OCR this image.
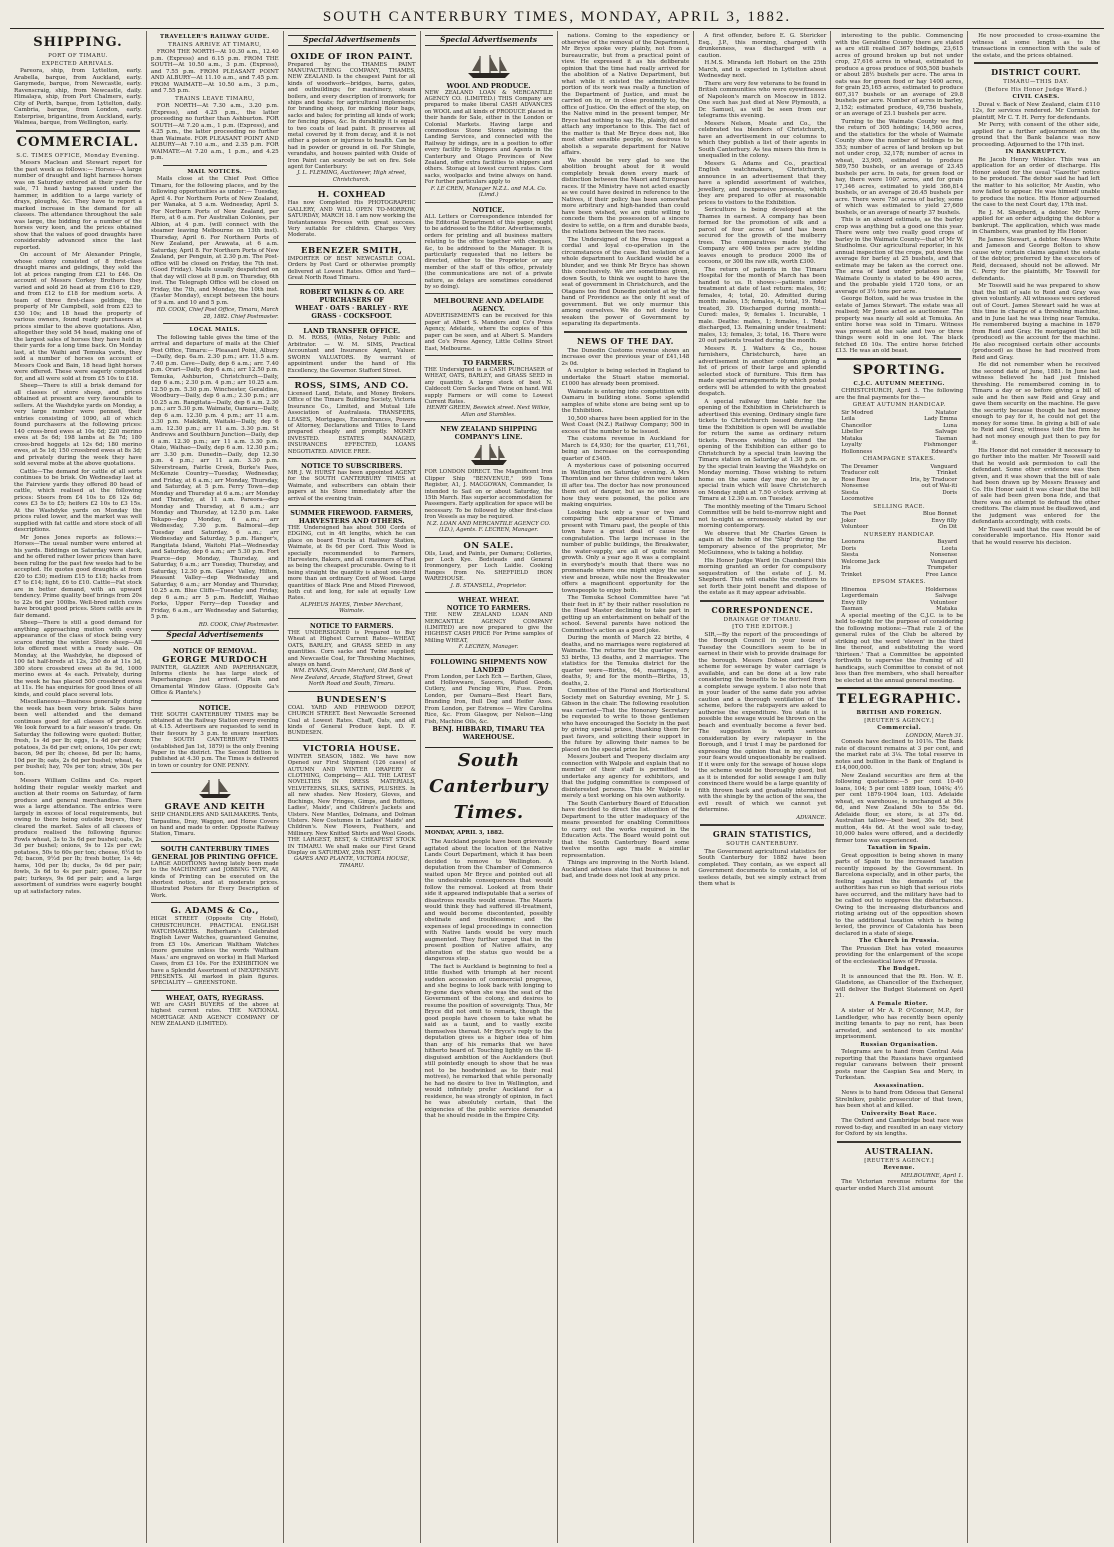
SOUTH CANTERBURY TIMES, MONDAY, APRIL 3, 1882.
SHIPPING.
PORT OF TIMARU.
EXPECTED ARRIVALS.

Pareora, ship, from Lyttelton, early. Arabella, barque, from Auckland, early. Ganymede, barque, from Newcastle, early. Ravenscraig, ship, from Newcastle, daily. Himalaya, ship, from Port Chalmers, early. City of Perth, barque, from Lyttelton, daily. Cambria, barque, from London, early. Enterprise, brigantine, from Auckland, early. Walmea, barque, from Wellington, early.

COMMERCIAL.
S.C. TIMES OFFICE, Monday Evening.

Messrs Maclean and Stewart report for the past week as follows:— Horses—A large number of draught and light harness horses was on Saturday entered at their yards for sale, 71 head having passed under the hammer, in addition to a large variety of drays, ploughs, &c. They have to report a marked increase in the demand for all classes. The attendance throughout the sale was large, the bidding for a number of the horses very keen, and the prices obtained show that the values of good draughts have considerably advanced since the last reported.

On account of Mr Alexander Pringle, whose colony consisted of 8 first-class draught mares and geldings, they sold the lot at prices ranging from £21 to £46. On account of Messrs Corkey Brothers they varied and sold 26 head at from £16 to £29, and from £12 to £18 for medium sorts. A team of three first-class geldings, the property of Mr Campbell, sold from £23 to £30 10s; and 18 head the property of various owners, found ready purchasers at prices similar to the above quotations. Also, altogether they sold 54 head, making one of the largest sales of horses they have held in their yards for a long time back. On Monday last, at the Waihi and Temuka yards, they sold a number of horses on account of Messrs Cook and Bain, 18 head light horses were offered. These were eagerly competed for, and all were sold at from £5 10s to £18.

Sheep—There is still a brisk demand for all classes of store sheep, and prices obtained at present are very favourable to sellers. At the Washdyke yards on Monday, a very large number were penned, their entries consisting of 1090, all of which found purchasers at the following prices: 140 cross-bred ewes at 10s 6d; 220 merino ewes at 5s 6d; 198 lambs at 8s 7d; 180 cross-bred hoggets at 12s 6d; 180 merino ewes, at 5s 1d; 150 crossbred ewes at 8s 3d; and privately during the week they have sold several mobs at the above quotations.

Cattle—The demand for cattle of all sorts continues to be brisk. On Wednesday last at the Fairview yards they offered 80 head of cattle, which realised at the following prices: Steers from £4 10s to £6 12s 6d; cows £3 5s to £5; heifers £2 10s to £3 15s. At the Washdyke yards on Monday the prices ruled lower, and the market was well supplied with fat cattle and store stock of all descriptions.

Mr Jones Jones reports as follows:— Horses—The usual number were entered at his yards. Biddings on Saturday were slack, and he offered rather lower prices than have been ruling for the past few weeks had to be accepted. He quotes good draughts at from £20 to £30; medium £15 to £18; hacks from £7 to £14; light, £6 to £10. Cattle—Fat stock are in better demand, with an upward tendency. Prime quality beef brings from 20s to 22s 6d per 100lbs. Well-bred milch cows have brought good prices. Store cattle are in fair demand.

Sheep—There is still a good demand for anything approaching mutton with every appearance of the class of stock being very scarce during the winter. Store sheep—All lots offered meet with a ready sale. On Monday, at the Washdyke, he disposed of 100 fat half-breds at 12s, 250 do at 11s 3d, 380 store crossbred ewes at 8s 9d, 1000 merino ewes at 4s each. Privately, during the week he has placed 500 crossbred ewes at 11s. He has enquiries for good lines of all kinds, and could place several lots.

Miscellaneous—Business generally during the week has been very brisk. Sales have been well attended and the demand continues good for all classes of property. We look forward to a fair season's trade. On Saturday the following were quoted: Butter, fresh, 1s 4d per lb; eggs, 1s 4d per dozen; potatoes, 3s 6d per cwt; onions, 10s per cwt; bacon, 9d per lb; cheese, 8d per lb; hams, 10d per lb; oats, 2s 6d per bushel; wheat, 4s per bushel; hay, 70s per ton; straw, 30s per ton.

Messrs William Collins and Co. report holding their regular weekly market and auction at their rooms on Saturday, of farm produce and general merchandise. There was a large attendance. The entries were largely in excess of local requirements, but owing to there being outside buyers, they cleared the market. Sales of all classes of produce realised the following figures: Fowls wheat, 3s to 3s 6d per bushel; oats, 2s 3d per bushel; onions, 9s to 12s per cwt; potatoes, 50s to 60s per ton; cheese, 6½d to 7d; bacon, 9½d per lb; fresh butter, 1s 4d; hams, 10d per lb; ducks, 5s 6d per pair; fowls, 3s 6d to 4s per pair; geese, 7s per pair; turkeys, 9s 6d per pair; and a large assortment of sundries were eagerly bought up at satisfactory rates.

TRAVELLER'S RAILWAY GUIDE.
TRAINS ARRIVE AT TIMARU,

FROM THE NORTH—At 10.30 a.m., 12.40 p.m. (Express) and 6.15 p.m. FROM THE SOUTH—At 10.50 a.m., 3 p.m. (Express), and 7.55 p.m. FROM PLEASANT POINT AND ALBURY—At 11.10 a.m., and 7.45 p.m. FROM WAIMATE—At 10.50 a.m., 3 p.m., and 7.55 p.m.

TRAINS LEAVE TIMARU,

FOR NORTH—At 7.30 a.m., 3.20 p.m. (Express), and 4.25 p.m., the latter proceeding no further than Ashburton. FOR SOUTH—At 7.20 a.m., 1 p.m. (Express), and 4.25 p.m., the latter proceeding no further than Waimate. FOR PLEASANT POINT AND ALBURY—At 7.10 a.m., and 2.35 p.m. FOR WAIMATE—At 7.20 a.m., 1 p.m., and 4.25 p.m.

MAIL NOTICES.

Mails close at the Chief Post Office Timaru, for the following places, and by the following opportunities as under:— Tuesday, April 4. For Northern Ports of New Zealand, per Wanaka, at 5 a.m. Wednesday, April 5. For Northern Ports of New Zealand, per Hero, at 6 a.m. For Australian Colonies, per Albion, at 4 p.m. (will connect with the steamer leaving Melbourne on 13th inst). Thursday, April 6. For Northern Ports of New Zealand, per Arawata, at 6 a.m. Saturday, April 8. For Northern Ports of New Zealand, per Penguin, at 2.30 p.m. The Post-office will be closed on Friday, the 7th inst. (Good Friday). Mails usually despatched on that day will close at 8 p.m. on Thursday, 6th inst. The Telegraph Office will be closed on Friday, the 7th, and Monday, the 10th inst. (Easter Monday), except between the hours of 9 a.m. and 10 and 5 p.m.

RD. COOK, Chief Post Office, Timaru, March 28, 1882. Chief Postmaster.
LOCAL MAILS.

The following table gives the time of the arrival and departure of mails at the Chief Post Office, Timaru:— Pleasant Point, Albury—Daily, dep. 6a.m. 2.30 p.m.; arr. 11.5 a.m. 7.40 p.m. Cave—Daily, dep 6 a.m.; arr. 7.40 p.m. Orari—Daily, dep 6 a.m.; arr 12.50 p.m. Temuka, Ashburton, Christchurch—Daily, dep 6 a.m.; 2.30 p.m. 4 p.m.; arr 10.25 a.m. 12.50 p.m. 5.30 p.m. Winchester, Geraldine, Woodbury—Daily, dep 6 a.m.; 2.30 p.m.; arr 10.25 a.m. Rangitata—Daily, dep 6 a.m. 2.30 p.m.; arr 5.30 p.m. Waimate, Oamaru—Daily, dep 6 a.m. 12.30 p.m. 4 p.m.; arr 11 a.m. 3.30 p.m. Makikihi, Waitaki—Daily, dep 6 a.m. 12.30 p.m.; arr 11 a.m. 3.30 p.m. St Andrews and Southburn Junction—Daily, dep 6 a.m. 12.30 p.m.; arr 11 a.m. 3.30 p.m. Otaio, Waihao—Daily, dep 6 a.m. 12.30 p.m.; arr 3.30 p.m. Dunedin—Daily, dep 12.30 p.m. 4 p.m.; arr 11 a.m. 3.30 p.m. Silverstream, Fairlie Creek, Burke's Pass, McKenzie Country—Tuesday, Wednesday, and Friday, at 6 a.m.; arr Monday, Thursday, and Saturday, at 5 p.m. Ferry Town—dep Monday and Thursday at 6 a.m.; arr Monday and Thursday, at 11 a.m. Pareora—dep Monday and Thursday, at 6 a.m.; arr Monday and Thursday, at 12.50 p.m. Lake Tekapo—dep Monday, 6 a.m.; arr Wednesday, 7.30 p.m. Balmoral—dep Tuesday and Saturday, 6 a.m.; arr Wednesday and Saturday, 5 p.m. Hanger's, Rangitata Island, Waitohi Flat—Wednesday and Saturday, dep 6 a.m.; arr 5.30 p.m. Fort Pearce—dep Monday, Thursday, and Saturday, 6 a.m.; arr Tuesday, Thursday, and Saturday, 12.30 p.m. Gapes' Valley, Hilton, Pleasant Valley—dep Wednesday and Saturday, 6 a.m.; arr Monday and Thursday, 10.25 a.m. Blue Cliffs—Tuesday and Friday, dep 6 a.m.; arr 5 p.m. Redcliff, Waihao Forks, Upper Ferry—dep Tuesday and Friday, 6 a.m., arr Wednesday and Saturday, 5 p.m.

RD. COOK, Chief Postmaster.
Special Advertisements
NOTICE OF REMOVAL.
GEORGE MURDOCH
PAINTER, GLAZIER AND PAPERHANGER, Informs clients he has large stock of Paperhangings just arrived. Plain and Ornamental Window Glass. (Opposite Ga's Office & Plante's.)
NOTICE.
THE SOUTH CANTERBURY TIMES may be obtained at the Railway Station every evening at 4.15. Advertisers are requested to send in their favours by 3 p.m. to ensure insertion. The SOUTH CANTERBURY TIMES (established Jan 1st, 1879) is the only Evening Paper in the district. The Second Edition is published at 4.30 p.m. The Times is delivered in town or country for ONE PENNY.
GRAVE AND KEITH
SHIP CHANDLERS AND SAILMAKERS. Tents, Tarpaulins, Dray, Waggon, and Horse Covers on hand and made to order. Opposite Railway Station, Timaru.
SOUTH CANTERBURY TIMES GENERAL JOB PRINTING OFFICE.
LARGE ADDITIONS having lately been made to the MACHINERY and JOBBING TYPE, All kinds of Printing can be executed on the shortest notice, and at moderate prices. Illustrated Posters for Every Description of Work.
G. ADAMS & Co.,
HIGH STREET (Opposite City Hotel), CHRISTCHURCH. PRACTICAL ENGLISH WATCHMAKERS. Rotherham's Celebrated English Lever Watches, guaranteed Genuine, from £5 10s. American Waltham Watches (more genuine unless the words 'Waltham Mass.' are engraved on works) in Hall Marked Cases, from £3 10s. For the EXHIBITION we have a Splendid Assortment of INEXPENSIVE PRESENTS. All marked in plain figures. SPECIALITY — GREENSTONE.
WHEAT, OATS, RYEGRASS.
WE are CASH BUYERS of the above at highest current rates. THE NATIONAL MORTGAGE AND AGENCY COMPANY OF NEW ZEALAND (LIMITED).
Special Advertisements
OXIDE OF IRON PAINT.
Prepared by the THAMES PAINT MANUFACTURING COMPANY, THAMES, NEW ZEALAND. Is the cheapest Paint for all kinds of woodwork—bridges, barns, gates, and outbuildings; for machinery, steam boilers, and every description of ironwork; for ships and boats; for agricultural implements; for branding sheep, for marking flour bags, sacks and bales; for printing all kinds of work; for fencing pipes, &c. In durability it is equal to two coats of lead paint. It preserves all metal covered by it from decay, and it is not either a poison or injurious to health. Can be had in powder or ground in oil. For Shingle, verandahs, and houses painted with Oxide of Iron Paint can scarcely be set on fire. Sole agent for Canterbury:
J. L. FLEMING, Auctioneer, High street, Christchurch.
H. COXHEAD
Has now Completed His PHOTOGRAPHIC GALLERY, AND WILL OPEN TO-MORROW, SATURDAY, MARCH 18. I am now working the Instantaneous Process with great success. Very suitable for children. Charges Very Moderate.
EBENEZER SMITH,
IMPORTER OF BEST NEWCASTLE COAL. Orders by Post Card or otherwise promptly delivered at Lowest Rates. Office and Yard—Great North Road Timaru.
ROBERT WILKIN & CO. ARE PURCHASERS OF
WHEAT · OATS · BARLEY · RYE GRASS · COCKSFOOT.
LAND TRANSFER OFFICE.
D. M. ROSS, (Wilks, Notary Public and Arbitrator. — W. M. SIMS, Practical Accountant and Insurance Agent, Valuer. SWORN VALUATORS. By warrant of appointment under the hand of His Excellency, the Governor. Stafford Street.
ROSS, SIMS, AND CO.
Licensed Land, Estate, and Money Brokers. Office of the Timaru Building Society, Victoria Insurance Co., Limited, and Mutual Life Association of Australasia. TRANSFERS, LEASES, Mortgages, Encumbrances, Powers of Attorney, Declarations and Titles to Land prepared cheaply and promptly. MONEY INVESTED. ESTATES MANAGED, INSURANCES EFFECTED, LOANS NEGOTIATED. ADVICE FREE.
NOTICE TO SUBSCRIBERS.
MR J. W. HURST has been appointed AGENT for the SOUTH CANTERBURY TIMES at Waimate, and subscribers can obtain their papers at his Store immediately after the arrival of the evening train.
SUMMER FIREWOOD. FARMERS, HARVESTERS AND OTHERS.
THE Undersigned has about 500 Cords of EDGING, cut in 4ft lengths, which he can place on board Trucks at Railway Station, Waimate, at 8s 6d per Cord. This Wood is specially recommended to Farmers, Harvesters, Bakers, and all consumers of Fuel as being the cheapest procurable. Owing to it being straight the quantity is about one-third more than an ordinary Cord of Wood. Large quantities of Black Pine and Mixed Firewood, both cut and long, for sale at equally Low Rates.
ALPHEUS HAYES, Timber Merchant, Waimate.
NOTICE TO FARMERS.
THE UNDERSIGNED is Prepared to Buy Wheat at Highest Current Rates—WHEAT, OATS, BARLEY, and GRASS SEED in any quantities. Corn sacks and Twine supplied; and Newcastle Coal, for Threshing Machines, always on hand.
WM. EVANS, Grain Merchant, Old Bank of New Zealand, Arcade, Stafford Street, Great North Road and South, Timaru.
BUNDESEN'S
COAL YARD AND FIREWOOD DEPOT, CHURCH STREET. Best Newcastle Screened Coal at Lowest Rates. Chaff, Oats, and all kinds of General Produce kept. D. F. BUNDESEN.
VICTORIA HOUSE.
WINTER SEASON, 1882. We have now Opened our First Shipment (126 cases) of AUTUMN AND WINTER DRAPERY & CLOTHING, Comprising— ALL THE LATEST NOVELTIES IN DRESS MATERIALS, VELVETEENS, SILKS, SATINS, PLUSHES. In all new shades. New Hosiery, Gloves, and Buchings, New Fringes, Gimps, and Buttons, Ladies', Maids', and Children's Jackets and Ulsters. New Mantles, Dolmans, and Dolman Ulsters. New Costumes in Ladies' Maids' and Children's. New Flowers, Feathers, and Millinery. New Knitted Shirts and Wool Goods. THE LARGEST, BEST, & CHEAPEST STOCK IN TIMARU. We shall make our First Grand Display on SATURDAY, 25th INST.
GAPES AND PLANTE, VICTORIA HOUSE, TIMARU.
Special Advertisements
WOOL AND PRODUCE.
NEW ZEALAND LOAN & MERCANTILE AGENCY CO. (LIMITED.) THIS Company are prepared to make liberal CASH ADVANCES on WOOL and all kinds of PRODUCE placed in their hands for Sale, either in the London or Colonial Markets. Having large and commodious Stone Stores adjoining the Landing Services, and connected with the Railway by sidings, are in a position to offer every facility to Shippers and Agents in the Canterbury and Otago Provinces of New Zealand, offer extra facilities to shippers and others. Storage at lowest current rates. Corn sacks, woolpacks and twine always on hand. For further particulars apply to
F. LE CREN, Manager N.Z.L. and M.A. Co. (Limd.)
NOTICE.
ALL Letters or Correspondence intended for the Editorial Department of this paper, ought to be addressed to the Editor. Advertisements, orders for printing and all business matters relating to the office together with cheques, &c, to be addressed to the Manager. It is particularly requested that no letters be directed, either to the Proprietor or any member of the staff of this office, privately (the communications are not of a private nature, as delays are sometimes considered by so doing).
MELBOURNE AND ADELAIDE AGENCY.
ADVERTISEMENTS can be received for this paper at Albert S. Manders and Co's Press Agency, Adelaide, where the copies of this paper can be seen, and at Albert S. Manders and Co's Press Agency, Little Collins Street East, Melbourne.
TO FARMERS.
THE Undersigned is a CASH PURCHASER of WHEAT, OATS, BARLEY, and GRASS SEED in any quantity. A large stock of best N. Caldecott Corn Sacks and Twine on hand. Will supply Farmers or will come to Lowest Current Rates.
HENRY GREEN, Beswick street. Next Wilkie, Allan and Stambles.
NEW ZEALAND SHIPPING COMPANY'S LINE.
FOR LONDON DIRECT. The Magnificent Iron Clipper Ship "BENVENUE," 999 Tons Register, A1, J. MACGOWAN, Commander, Is intended to Sail on or about Saturday, the 15th March. Has superior accommodation for Passengers. Early application for space will be necessary. To be followed by other first-class Iron Vessels as may be required.
N.Z. LOAN AND MERCANTILE AGENCY CO. (LD.), Agents. F. LECREN, Manager.
ON SALE.
Oils, Lead, and Paints, per Oamaru; Colleries, per Loch Kye. Bedsteads and General Ironmongery, per Loch Laidie. Cooking Ranges from No. SHEFFIELD IRON WAREHOUSE.
J. B. STANSELL, Proprietor.
WHEAT. WHEAT.
NOTICE TO FARMERS.
THE NEW ZEALAND LOAN AND MERCANTILE AGENCY COMPANY (LIMITED) are now prepared to give the HIGHEST CASH PRICE For Prime samples of Milling WHEAT,
F. LECREN, Manager.
FOLLOWING SHIPMENTS NOW LANDED
From London, per Loch Ech — Earthen, Glass, and Hollowware, Saucers, Plated Goods, Cutlery, and Fencing Wire, Fuse. From London, per Oamaru—Best Heart Bars, Branding Iron, Bull Dog and Heifer Axes. From London, per Estremos — Wire Carolina Rice, &c. From Glasgow, per Nelson—Ling Fish, Machine Oils, &c.
BENJ. HIBBARD, TIMARU TEA WAREHOUSE.
South Canterbury Times.
MONDAY, APRIL 3, 1882.

The Auckland people have been grievously agitated about the location of the Native Lands Court Department, which it has been decided to remove to Wellington. A deputation from the Chamber of Commerce waited upon Mr Bryce and pointed out all the undesirable consequences that would follow the removal. Looked at from their side it appeared indisputable that a series of disastrous results would ensue. The Maoris would think they had suffered ill-treatment, and would become discontented, possibly obstinate and troublesome; and the expenses of legal proceedings in connection with Native lands would be very much augmented. They further urged that in the present position of Native affairs, any alteration of the status quo would be a dangerous step.

The fact is Auckland is beginning to feel a little flushed with triumph at her recent sudden accession of commercial progress, and she begins to look back with longing to by-gone days when she was the seat of the Government of the colony, and desires to resume the position of sovereignty. Thus, Mr Bryce did not omit to remark, though the good people have chosen to take what he said as a taunt, and to vastly excite themselves thereat. Mr Bryce's reply to the deputation gives us a higher idea of him than any of his remarks that we have hitherto heard of. Touching lightly on the ill-disguised ambition of the Aucklanders (but still pointedly enough to show that he was not to be hoodwinked as to their real motives), he remarked that while personally he had no desire to live in Wellington, and would infinitely prefer Auckland for a residence, he was strongly of opinion, in fact he was absolutely certain, that the exigencies of the public service demanded that he should reside in the Empire City.

nations. Coming to the expediency or otherwise of the removal of the Department, Mr Bryce spoke very plainly, not from a bureaucratic, but from a practical point of view. He expressed it as his deliberate opinion that the time had really arrived for the abolition of a Native Department, but what while it existed the administrative portion of its work was really a function of the Department of Justice, and must be carried on in, or in close proximity to, the office of Justice. On the effect of the step, on the Native mind in the present temper, Mr Bryce had nothing to say. He, plainly, did not attach any importance to this. The fact of the matter is that Mr Bryce does not, like most other sensible people, so desirous to abolish a separate department for Native affairs.

We should be very glad to see the abolition brought about for it would completely break down every mark of distinction between the Maori and European races. If the Ministry have not acted exactly as we could have desired in reference to the Natives, if their policy has been somewhat more arbitrary and high-handed than could have been wished, we are quite willing to concede them the possession of a sincere desire to settle, on a firm and durable basis, the relations between the two races.

The Undersigned of the Press suggest a cordial and loyal co-operation in the circumstances of the case. But isolation of a whole department to Auckland would be a blunder, and we think Mr Bryce has shown this conclusively. We are sometimes given, down South, to think we ought to have the seat of government in Christchurch, and the Otagans too find Dunedin pointed at by the hand of Providence as the only fit seat of government. But we only murmur this among ourselves. We do not desire to weaken the power of Government by separating its departments.

NEWS OF THE DAY.

The Dunedin Customs revenue shows an increase over the previous year of £41,148 2s 0d.

A sculptor is being selected in England to undertake the Stuart statue memorial. £1000 has already been promised.

Waimate is entering into competition with Oamaru in building stone. Some splendid samples of white stone are being sent up to the Exhibition.

10,500 shares have been applied for in the West Coast (N.Z.) Railway Company; 500 in excess of the number to be issued.

The customs revenue in Auckland for March is £4,930; for the quarter, £11,761, being an increase on the corresponding quarter of £3405.

A mysterious case of poisoning occurred in Wellington on Saturday evening. A Mrs Thornton and her three children were taken ill after tea. The doctor has now pronounced them out of danger, but as no one knows how they were poisoned, the police are making enquiries.

Looking back only a year or two and comparing the appearance of Timaru present with Timaru past, the people of this town have a great deal of cause for congratulation. The large increase in the number of public buildings, the Breakwater, the water-supply, are all of quite recent growth. Only a year ago it was a complaint in everybody's mouth that there was no promenade where one might enjoy the sea view and breeze, while now the Breakwater offers a magnificent opportunity for the townspeople to enjoy both.

The Temuka School Committee have "at their feet in it" by their rather resolution re the Head Master declining to take part in getting up an entertainment on behalf of the school. Several parents have noticed the Committee's action as a good joke.

During the month of March 22 births, 4 deaths, and no marriages were registered at Waimate. The returns for the quarter were 53 births, 13 deaths, and 2 marriages. The statistics for the Temuka district for the quarter were—Births, 64, marriages, 5, deaths, 9; and for the month—Births, 15, deaths, 2.

Committee of the Floral and Horticultural Society met on Saturday evening, Mr J. S. Gibson in the chair. The following resolution was carried—That the Honorary Secretary be requested to write to those gentlemen who have encouraged the Society in the past by giving special prizes, thanking them for past favors, and soliciting their support in the future by allowing their names to be placed on the special prize list.

Messrs Joubert and Twopeny disclaim any connection with Walpole and explain that no member of their staff is permitted to undertake any agency for exhibitors, and that the judging committee is composed of disinterested persons. This Mr Walpole is merely a text working on his own authority.

The South Canterbury Board of Education have decided to direct the attention of the Department to the utter inadequacy of the means presented for enabling Committees to carry out the works required in the Education Acts. The Board would point out that the South Canterbury Board some twelve months ago made a similar representation.

Things are improving in the North Island. Auckland advises state that business is not bad, and trade does not look at any price.

A first offender, before E. G. Stericker Esq., J.P., this morning, charged with drunkenness, was discharged with a caution.

H.M.S. Miranda left Hobart on the 25th March, and is expected in Lyttelton about Wednesday next.

There are very few veterans to be found in British communities who were eyewitnesses of Napoleon's march on Moscow in 1812. One such has just died at New Plymouth, a Dr. Samuel, as will be seen from our telegrams this evening.

Messrs Nelson, Moate and Co., the celebrated tea blenders of Christchurch, have an advertisement in our columns to which they publish a list of their agents in South Canterbury. As tea mixers this firm is unequalled in the colony.

Messrs G. Adams and Co., practical English watchmakers, Christchurch, announce in an advertisement that they have a splendid assortment of watches, jewellery, and inexpensive presents, which they are prepared to offer at reasonable prices to visitors to the Exhibition.

Sericulture is being developed at the Thames in earnest. A company has been formed for the promotion of silk and a parcel of four acres of land has been secured for the growth of the mulberry trees. The comparatives made by the Company are 400 trees per acre yielding leaves enough to produce 2000 lbs of cocoons, or 300 lbs raw silk, worth £300.

The return of patients in the Timaru Hospital for the month of March has been handed to us. It shows:—patients under treatment at date of last return: males, 16; females, 4; total, 20. Admitted during month: males, 15; females, 4; total, 19. Total treated, 39. Discharged during month:—Cured: males, 9; females 1. Incurable, 1 male. Deaths: males, 1; females, 1. Total discharged, 13. Remaining under treatment: males, 13; females, 3; total, 16. There were 20 out patients treated during the month.

Messrs R. J. Walters & Co., house furnishers, Christchurch, have an advertisement in another column giving a list of prices of their large and splendid selected stock of furniture. This firm has made special arrangements by which postal orders will be attended to with the greatest despatch.

A special railway time table for the opening of the Exhibition in Christchurch is advertised this evening. Ordinary single fare tickets to Christchurch issued during the time the Exhibition is open will be available for return the same as ordinary return tickets. Persons wishing to attend the opening of the Exhibition can either go to Christchurch by a special train leaving the Timaru station on Saturday at 1.30 p.m. or by the special train leaving the Washdyke on Monday morning. Those wishing to return home on the same day may do so by a special train which will leave Christchurch on Monday night at 7.50 o'clock arriving at Timaru at 12.30 a.m. on Tuesday.

The monthly meeting of the Timaru School Committee will be held to-morrow night and not to-night as erroneously stated by our morning contemporary.

We observe that Mr Charles Green is again at the helm of the "Ship" during the temporary absence of the proprietor, Mr McGuinness, who is taking a holiday.

His Honor Judge Ward (in Chambers) this morning granted an order for compulsory sequestration of the estate of J. M. Shepherd. This will enable the creditors to set forth their joint benefit and dispose of the estate as it may appear advisable.

CORRESPONDENCE.
DRAINAGE OF TIMARU.
[TO THE EDITOR.]

SIR,—By the report of the proceedings of the Borough Council in your issue of Tuesday the Councillors seem to be in earnest in their wish to provide drainage for the borough. Messrs Dobson and Grey's scheme for sewerage by water carriage is available, and can be done at a low rate considering the benefits to be derived from a complete sewage system. I also note that in your leader of the same date you advise caution and a thorough ventilation of the scheme, before the ratepayers are asked to authorise the expenditure. You state it is possible the sewage would be thrown on the beach and eventually become a fever bed. The suggestion is worth serious consideration by every ratepayer in the Borough, and I trust I may be pardoned for expressing the opinion that in my opinion your fears would unquestionably be realised. If it were only for the sewage of house slops the scheme would be thoroughly good, but as it is intended for solid sewage I am fully convinced there would be a large quantity of filth thrown back and gradually intermixed with the shingle by the action of the sea, the evil result of which we cannot yet determine.

ADVANCE.
GRAIN STATISTICS,
SOUTH CANTERBURY.

The Government agricultural statistics for South Canterbury for 1882 have been completed. They contain, as we expect all Government documents to contain, a lot of useless details, but we simply extract from them what is

interesting to the public. Commencing with the Geraldine County there are stated as are still realised 367 holdings, 23,615 acres of ground broken up but not under crop, 27,616 acres in wheat, estimated to produce a gross produce of 905,508 bushels or about 28½ bushels per acre. The area in oats was for green food or hay 1400 acres, for grain 25,165 acres, estimated to produce 607,317 bushels or an average of 29.8 bushels per acre. Number of acres in barley, 2,152; estimated produce, 49,756 bushels, or an average of 23.1 bushels per acre.

Turning to the Waimate County we find the return of 305 holdings; 14,560 acres, and the statistics for the whole of Waimate County show the number of holdings to be 353; number of acres of land broken up but not under crop, 32,178; number of acres in wheat, 23,905, estimated to produce 589,750 bushels, or an average of 23.45 bushels per acre. In oats, for green food or hay, there were 1007 acres, and for grain 17,346 acres, estimated to yield 366,814 bushels, or an average of 26.45 bushels per acre. There were 750 acres of barley, some of which was estimated to yield 27,669 bushels, or an average of nearly 37 bushels.

This is an absurd estimate, as the barley crop was anything but a good one this year. There were only two really good crops of barley in the Waimate County—that of Mr W. Studholme. Our agricultural reporter, in his annual inspection of the crops, put down the average for barley at 25 bushels, and that estimate may be taken as the correct one. The area of land under potatoes in the Waimate County is stated to be 490 acres, and the probable yield 1720 tons, or an average of 3½ tons per acre.

George Bolton, said he was trustee in the estate of James Stewart. The estate was all realised; Mr Jones acted as auctioneer. The property was nearly all sold at Temuka. An entire horse was sold in Timaru. Witness was present at the sale and two or three things were sold in one lot. The black fetched £6 10s. The entire horse fetched £13. He was an old beast.

SPORTING.
C.J.C. AUTUMN MEETING.

CHRISTCHURCH, April 3. The following are the final payments for the—

GREAT AUTUMN HANDICAP.
Sir Modred	Natator
Leila	Lady Emma
Chancellor	Luna
Libeller	Salvage
Mataka	Tasman
Loyalty	Fishmonger
Hollonness	Edward's
CHAMPAGNE STAKES.
The Dreamer	Vanguard
Traducer colt	Trinket
Rose Rose	Iris, by Traducer
Nonsense	out of Wai-iti
Siesta	Doris
Locomotive
SELLING RACE.
The Poet	Blue Bonnet
Joker	Envy filly
Volunteer	On Dit
NURSERY HANDICAP.
Leonora	Bayard
Doris	Leeta
Siesta	Nonsense
Welcome Jack	Vanguard
Iris	Trumpeter
Trinket	Free Lance
EPSOM STAKES.
Hinemoa	Holderness
Legerdemain	Salvage
Envy filly	Volunteer
Tasman	Mataka

A special meeting of the C.J.C. is to be held to-night for the purpose of considering the following motions:—That rule 2 of the general rules of the Club be altered by striking out the word 'eleven' in the third line thereof, and substituting the word 'thirteen.' That a Committee be appointed forthwith to supervise the framing of all handicaps, such Committee to consist of not less than five members, who shall hereafter be elected at the annual general meeting.

TELEGRAPHIC.
BRITISH AND FOREIGN.
[REUTER'S AGENCY.]
Commercial.
LONDON, March 31.

Consols have declined to 101⅝. The Bank rate of discount remains at 3 per cent, and the market rate at 3⅛. The total reserve in notes and bullion in the Bank of England is £14,000,000.

New Zealand securities are firm at the following quotations:—5 per cent 10-40 loans, 104; 5 per cent 1889 loan, 104⅝; 4½ per cent 1879-1904 loan, 103. Adelaide wheat, ex warehouse, is unchanged at 56s 6d, and New Zealand 50s to 55s 6d. Adelaide flour, ex store, is at 37s 6d. Australian tallow—best beef, 30s 6d; best mutton, 44s 6d. At the wool sale to-day, 10,000 bales were offered, and a decidedly firmer tone was experienced.

Taxation in Spain.

Great opposition is being shown in many parts of Spain to the increased taxation recently imposed by the Government. In Barcelona especially, and in other parts, the feeling against the demands of the authorities has run so high that serious riots have occurred, and the military have had to be called out to suppress the disturbances. Owing to the increasing disturbances and rioting arising out of the opposition shown to the additional taxation which is being levied, the province of Catalonia has been declared in a state of siege.

The Church in Prussia.

The Prussian Diet has voted measures providing for the enlargement of the scope of the ecclesiastical laws of Prussia.

The Budget.

It is announced that the Rt. Hon. W. E. Gladstone, as Chancellor of the Exchequer, will deliver the Budget Statement on April 21.

A Female Rioter.

A sister of Mr A. P. O'Connor, M.P., for Landledger, who has recently been openly inciting tenants to pay no rent, has been arrested, and sentenced to six months' imprisonment.

Russian Organisation.

Telegrams are to hand from Central Asia reporting that the Russians have organised regular caravans between their present posts near the Caspian Sea and Merv, in Turkestan.

Assassination.

News is to hand from Odessa that General Strelnikov, public prosecutor of that town, has been shot at and killed.

University Boat Race.

The Oxford and Cambridge boat race was rowed to-day, and resulted in an easy victory for Oxford by six lengths.

AUSTRALIAN.
[REUTER'S AGENCY.]
Revenue.
MELBOURNE, April 1.

The Victorian revenue returns for the quarter ended March 31st amount

He now proceeded to cross-examine the witness at some length as to the transactions in connection with the sale of the estate, and the prices obtained.

DISTRICT COURT.
TIMARU—THIS DAY.
(Before His Honor Judge Ward.)
CIVIL CASES.

Duval v. Back of New Zealand, claim £110 12s, for services rendered. Mr Cornish for plaintiff, Mr C. T. H. Perry for defendants.

Mr Perry, with consent of the other side, applied for a further adjournment on the ground that the Bank balance was now proceeding. Adjourned to the 17th inst.

IN BANKRUPTCY.

Re Jacob Henry Winkler. This was an application for an order of discharge. His Honor asked for the usual "Gazette" notice to be produced. The debtor said he had left the matter to his solicitor, Mr Austin, who now failed to appear. He was himself unable to produce the notice. His Honor adjourned the case to the next Court day, 17th inst.

Re J. M. Shepherd, a debtor. Mr Perry applied for an order adjudging the debtor a bankrupt. The application, which was made in Chambers, was granted by His Honor.

Re James Stewart, a debtor. Messrs White and Jameson and George Bolton to show cause why certain claims against the estate of the debtor, preferred by the executors of Reid, deceased, should not be allowed. Mr C. Perry for the plaintiffs, Mr Tosswill for defendants.

Mr Tosswill said he was prepared to show that the bill of sale to Reid and Gray was given voluntarily. All witnesses were ordered out of Court. James Stewart said he was at this time in charge of a threshing machine, and in June last he was living near Temuka. He remembered buying a machine in 1879 from Reid and Gray. He mortgaged the bill (produced) as the account for the machine. He also recognised certain other accounts (produced) as those he had received from Reid and Gray.

He did not remember when he received the second date of June, 1881. In June last witness believed he had just finished threshing. He remembered coming in to Timaru a day or so before giving a bill of sale and he then saw Reid and Gray and gave them security on the machine. He gave the security because though he had money enough to pay for it, he could not get the money for some time. In giving a bill of sale to Reid and Gray, witness told the firm he had not money enough just then to pay for it.

His Honor did not consider it necessary to go further into the matter. Mr Tosswill said that he would ask permission to call the defendant. Some other evidence was then given, and it was shown that the bill of sale had been drawn up by Messrs Brassey and Co. His Honor said it was clear that the bill of sale had been given bona fide, and that there was no attempt to defraud the other creditors. The claim must be disallowed, and the judgment was entered for the defendants accordingly, with costs.

Mr Tosswill said that the case would be of considerable importance. His Honor said that he would reserve his decision.
